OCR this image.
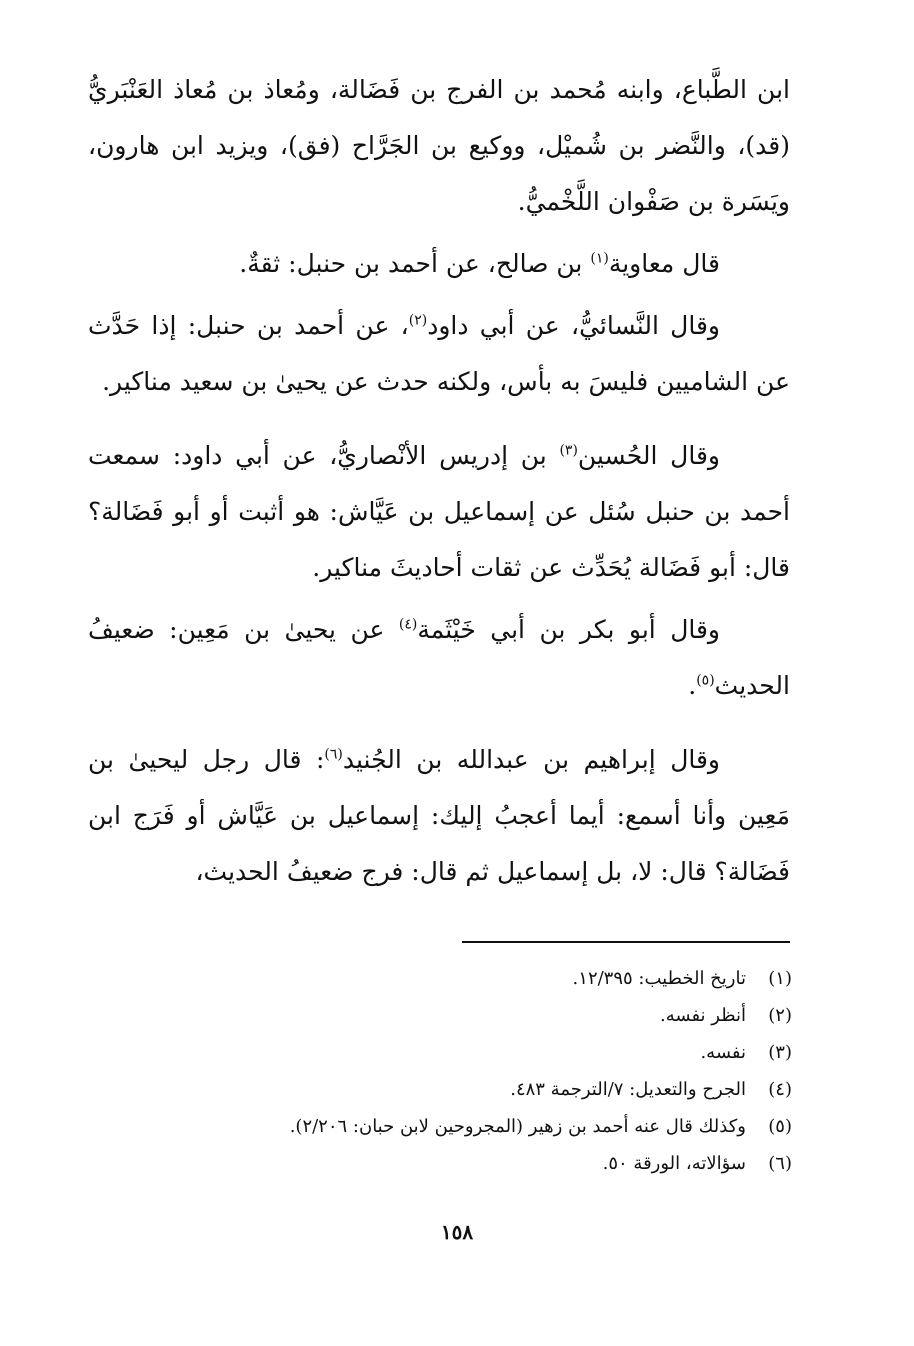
ابن الطَّباع، وابنه مُحمد بن الفرج بن فَضَالة، ومُعاذ بن مُعاذ العَنْبَريُّ (قد)، والنَّضر بن شُميْل، ووكيع بن الجَرَّاح (فق)، ويزيد ابن هارون، ويَسَرة بن صَفْوان اللَّخْميُّ.

قال معاوية$^{(١)}$ بن صالح، عن أحمد بن حنبل: ثقةٌ.

وقال النَّسائيُّ، عن أبي داود$^{(٢)}$، عن أحمد بن حنبل: إذا حَدَّث عن الشاميين فليسَ به بأس، ولكنه حدث عن يحيىٰ بن سعيد مناكير.

وقال الحُسين$^{(٣)}$ بن إدريس الأنْصاريُّ، عن أبي داود: سمعت أحمد بن حنبل سُئل عن إسماعيل بن عَيَّاش: هو أثبت أو أبو فَضَالة؟ قال: أبو فَضَالة يُحَدِّث عن ثقات أحاديثَ مناكير.

وقال أبو بكر بن أبي خَيْثَمة$^{(٤)}$ عن يحيىٰ بن مَعِين: ضعيفُ الحديث$^{(٥)}$.

وقال إبراهيم بن عبدالله بن الجُنيد$^{(٦)}$: قال رجل ليحيىٰ بن مَعِين وأنا أسمع: أيما أعجبُ إليك: إسماعيل بن عَيَّاش أو فَرَج ابن فَضَالة؟ قال: لا، بل إسماعيل ثم قال: فرج ضعيفُ الحديث،

(١)
تاريخ الخطيب: ١٢/٣٩٥.
(٢)
أنظر نفسه.
(٣)
نفسه.
(٤)
الجرح والتعديل: ٧/الترجمة ٤٨٣.
(٥)
وكذلك قال عنه أحمد بن زهير (المجروحين لابن حبان: ٢/٢٠٦).
(٦)
سؤالاته، الورقة ٥٠.
١٥٨
